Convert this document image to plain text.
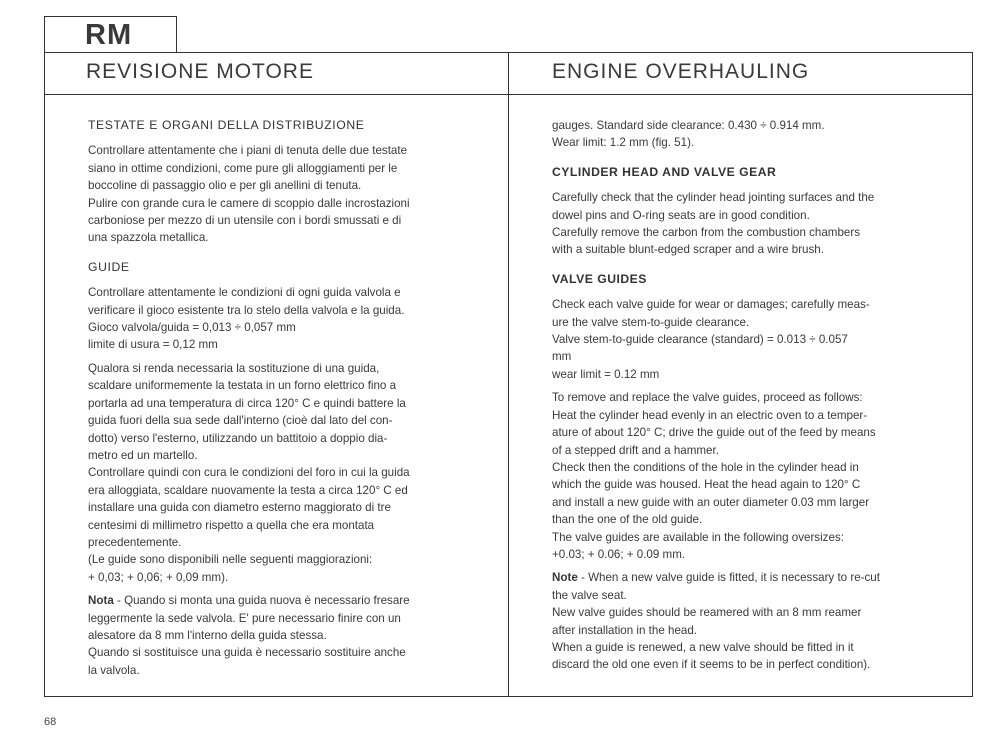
RM
REVISIONE MOTORE	ENGINE OVERHAULING
TESTATE E ORGANI DELLA DISTRIBUZIONE

Controllare attentamente che i piani di tenuta delle due testate
siano in ottime condizioni, come pure gli alloggiamenti per le
boccoline di passaggio olio e per gli anellini di tenuta.
Pulire con grande cura le camere di scoppio dalle incrostazioni
carboniose per mezzo di un utensile con i bordi smussati e di
una spazzola metallica.

GUIDE

Controllare attentamente le condizioni di ogni guida valvola e
verificare il gioco esistente tra lo stelo della valvola e la guida.
Gioco valvola/guida = 0,013 ÷ 0,057 mm
limite di usura = 0,12 mm

Qualora si renda necessaria la sostituzione di una guida,
scaldare uniformemente la testata in un forno elettrico fino a
portarla ad una temperatura di circa 120° C e quindi battere la
guida fuori della sua sede dall'interno (cioè dal lato del con-
dotto) verso l'esterno, utilizzando un battitoio a doppio dia-
metro ed un martello.
Controllare quindi con cura le condizioni del foro in cui la guida
era alloggiata, scaldare nuovamente la testa a circa 120° C ed
installare una guida con diametro esterno maggiorato di tre
centesimi di millimetro rispetto a quella che era montata
precedentemente.
(Le guide sono disponibili nelle seguenti maggiorazioni:
+ 0,03; + 0,06; + 0,09 mm).

Nota - Quando si monta una guida nuova è necessario fresare
leggermente la sede valvola. E' pure necessario finire con un
alesatore da 8 mm l'interno della guida stessa.
Quando si sostituisce una guida è necessario sostituire anche
la valvola.

gauges. Standard side clearance: 0.430 ÷ 0.914 mm.
Wear limit: 1.2 mm (fig. 51).

CYLINDER HEAD AND VALVE GEAR

Carefully check that the cylinder head jointing surfaces and the
dowel pins and O-ring seats are in good condition.
Carefully remove the carbon from the combustion chambers
with a suitable blunt-edged scraper and a wire brush.

VALVE GUIDES

Check each valve guide for wear or damages; carefully meas-
ure the valve stem-to-guide clearance.
Valve stem-to-guide clearance (standard) = 0.013 ÷ 0.057
mm
wear limit = 0.12 mm

To remove and replace the valve guides, proceed as follows:
Heat the cylinder head evenly in an electric oven to a temper-
ature of about 120° C; drive the guide out of the feed by means
of a stepped drift and a hammer.
Check then the conditions of the hole in the cylinder head in
which the guide was housed. Heat the head again to 120° C
and install a new guide with an outer diameter 0.03 mm larger
than the one of the old guide.
The valve guides are available in the following oversizes:
+0.03; + 0.06; + 0.09 mm.

Note - When a new valve guide is fitted, it is necessary to re-cut
the valve seat.
New valve guides should be reamered with an 8 mm reamer
after installation in the head.
When a guide is renewed, a new valve should be fitted in it
discard the old one even if it seems to be in perfect condition).

68
